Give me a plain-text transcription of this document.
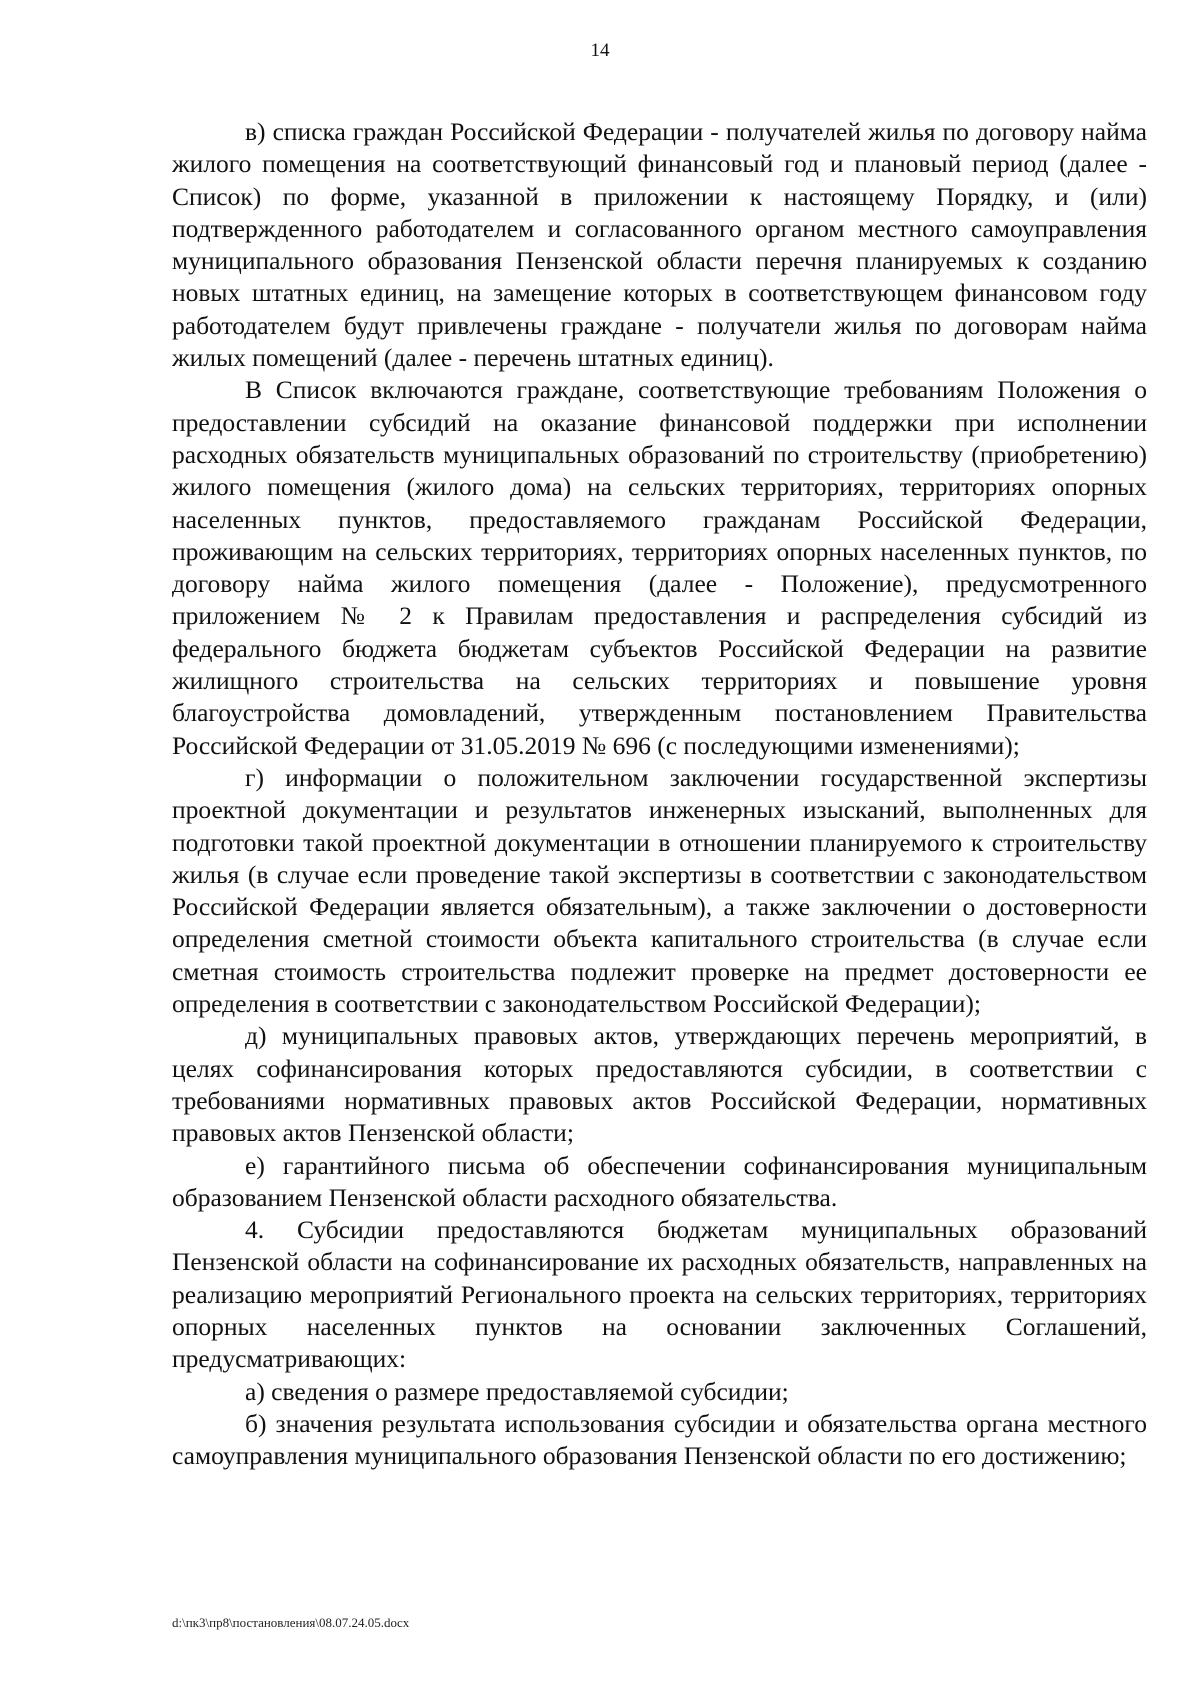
14

в) списка граждан Российской Федерации - получателей жилья по договору найма жилого помещения на соответствующий финансовый год и плановый период (далее - Список) по форме, указанной в приложении к настоящему Порядку, и (или) подтвержденного работодателем и согласованного органом местного самоуправления муниципального образования Пензенской области перечня планируемых к созданию новых штатных единиц, на замещение которых в соответствующем финансовом году работодателем будут привлечены граждане - получатели жилья по договорам найма жилых помещений (далее - перечень штатных единиц).

В Список включаются граждане, соответствующие требованиям Положения о предоставлении субсидий на оказание финансовой поддержки при исполнении расходных обязательств муниципальных образований по строительству (приобретению) жилого помещения (жилого дома) на сельских территориях, территориях опорных населенных пунктов, предоставляемого гражданам Российской Федерации, проживающим на сельских территориях, территориях опорных населенных пунктов, по договору найма жилого помещения (далее - Положение), предусмотренного приложением № 2 к Правилам предоставления и распределения субсидий из федерального бюджета бюджетам субъектов Российской Федерации на развитие жилищного строительства на сельских территориях и повышение уровня благоустройства домовладений, утвержденным постановлением Правительства Российской Федерации от 31.05.2019 № 696 (с последующими изменениями);

г) информации о положительном заключении государственной экспертизы проектной документации и результатов инженерных изысканий, выполненных для подготовки такой проектной документации в отношении планируемого к строительству жилья (в случае если проведение такой экспертизы в соответствии с законодательством Российской Федерации является обязательным), а также заключении о достоверности определения сметной стоимости объекта капитального строительства (в случае если сметная стоимость строительства подлежит проверке на предмет достоверности ее определения в соответствии с законодательством Российской Федерации);

д) муниципальных правовых актов, утверждающих перечень мероприятий, в целях софинансирования которых предоставляются субсидии, в соответствии с требованиями нормативных правовых актов Российской Федерации, нормативных правовых актов Пензенской области;

е) гарантийного письма об обеспечении софинансирования муниципальным образованием Пензенской области расходного обязательства.

4. Субсидии предоставляются бюджетам муниципальных образований Пензенской области на софинансирование их расходных обязательств, направленных на реализацию мероприятий Регионального проекта на сельских территориях, территориях опорных населенных пунктов на основании заключенных Соглашений, предусматривающих:

а) сведения о размере предоставляемой субсидии;

б) значения результата использования субсидии и обязательства органа местного самоуправления муниципального образования Пензенской области по его достижению;

d:\пк3\пр8\постановления\08.07.24.05.docx
